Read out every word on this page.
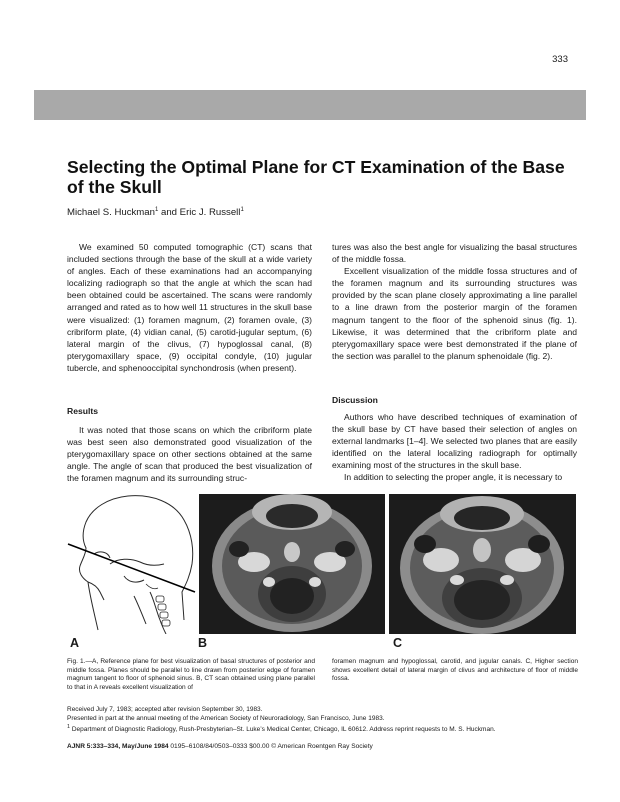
333
Selecting the Optimal Plane for CT Examination of the Base of the Skull
Michael S. Huckman$^1$ and Eric J. Russell$^1$

We examined 50 computed tomographic (CT) scans that included sections through the base of the skull at a wide variety of angles. Each of these examinations had an accompanying localizing radiograph so that the angle at which the scan had been obtained could be ascertained. The scans were randomly arranged and rated as to how well 11 structures in the skull base were visualized: (1) foramen magnum, (2) foramen ovale, (3) cribriform plate, (4) vidian canal, (5) carotid-jugular septum, (6) lateral margin of the clivus, (7) hypoglossal canal, (8) pterygomaxillary space, (9) occipital condyle, (10) jugular tubercle, and sphenooccipital synchondrosis (when present).

Results

It was noted that those scans on which the cribriform plate was best seen also demonstrated good visualization of the pterygomaxillary space on other sections obtained at the same angle. The angle of scan that produced the best visualization of the foramen magnum and its surrounding struc-

tures was also the best angle for visualizing the basal structures of the middle fossa.

Excellent visualization of the middle fossa structures and of the foramen magnum and its surrounding structures was provided by the scan plane closely approximating a line parallel to a line drawn from the posterior margin of the foramen magnum tangent to the floor of the sphenoid sinus (fig. 1). Likewise, it was determined that the cribriform plate and pterygomaxillary space were best demonstrated if the plane of the section was parallel to the planum sphenoidale (fig. 2).

Discussion

Authors who have described techniques of examination of the skull base by CT have based their selection of angles on external landmarks [1–4]. We selected two planes that are easily identified on the lateral localizing radiograph for optimally examining most of the structures in the skull base.

In addition to selecting the proper angle, it is necessary to

A	B	C
Fig. 1.—A, Reference plane for best visualization of basal structures of posterior and middle fossa. Planes should be parallel to line drawn from posterior edge of foramen magnum tangent to floor of sphenoid sinus. B, CT scan obtained using plane parallel to that in A reveals excellent visualization of
foramen magnum and hypoglossal, carotid, and jugular canals. C, Higher section shows excellent detail of lateral margin of clivus and architecture of floor of middle fossa.
Received July 7, 1983; accepted after revision September 30, 1983.
Presented in part at the annual meeting of the American Society of Neuroradiology, San Francisco, June 1983.
$^1$ Department of Diagnostic Radiology, Rush-Presbyterian–St. Luke’s Medical Center, Chicago, IL 60612. Address reprint requests to M. S. Huckman.
AJNR 5:333–334, May/June 1984 0195–6108/84/0503–0333 $00.00 © American Roentgen Ray Society
